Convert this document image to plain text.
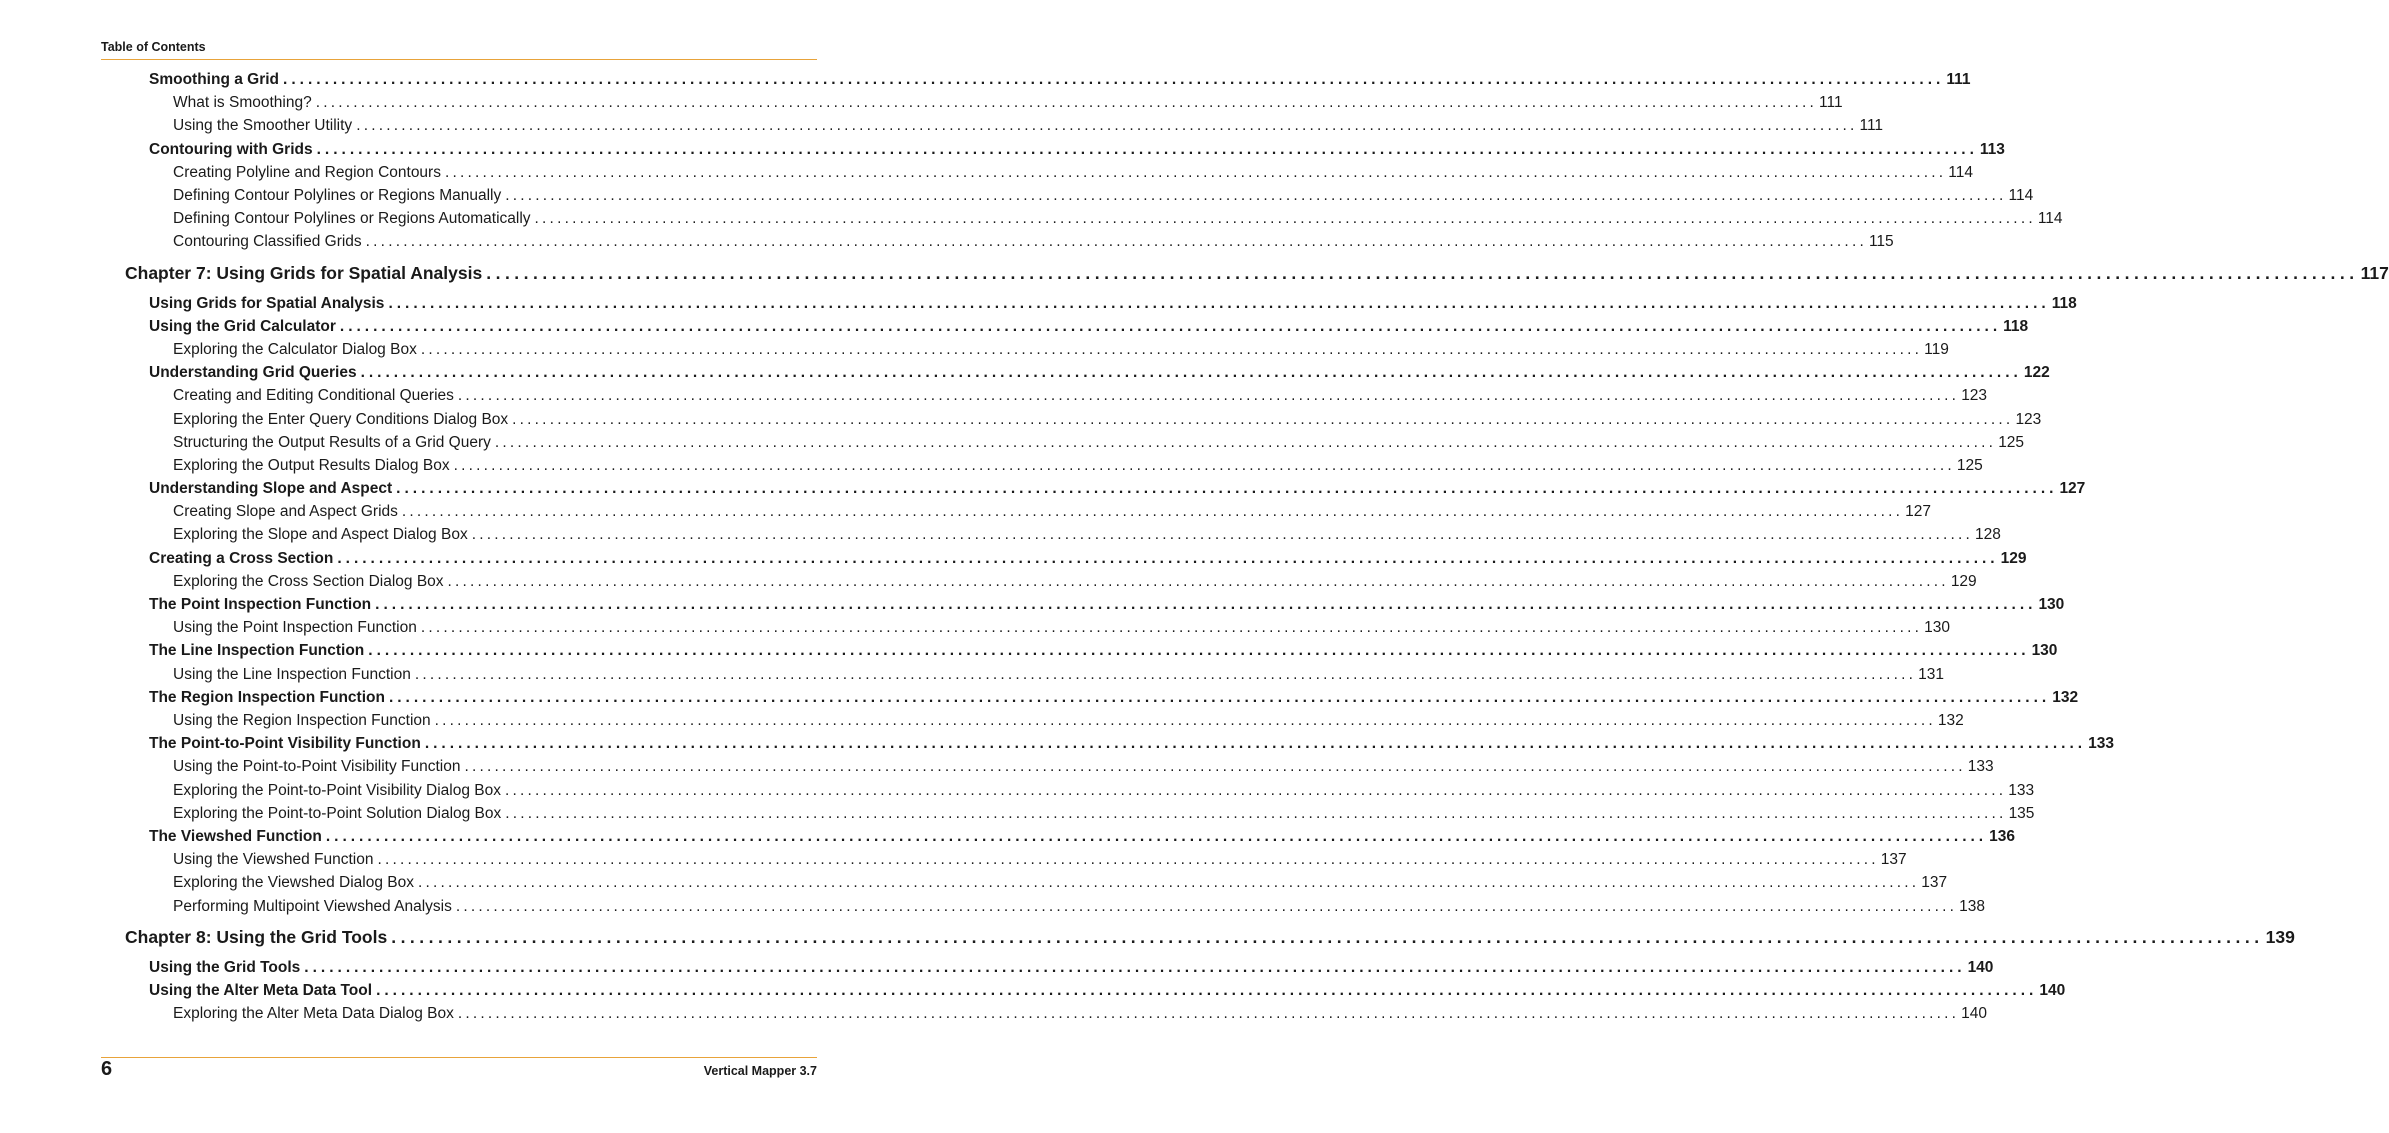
Table of Contents
Smoothing a Grid ........................................................................................................................................................................................................ 111
What is Smoothing? ........................................................................................................................................................................................................ 111
Using the Smoother Utility ........................................................................................................................................................................................................ 111
Contouring with Grids ........................................................................................................................................................................................................ 113
Creating Polyline and Region Contours ........................................................................................................................................................................................................ 114
Defining Contour Polylines or Regions Manually ........................................................................................................................................................................................................ 114
Defining Contour Polylines or Regions Automatically ........................................................................................................................................................................................................ 114
Contouring Classified Grids ........................................................................................................................................................................................................ 115
Chapter 7: Using Grids for Spatial Analysis ........................................................................................................................................................................................................ 117
Using Grids for Spatial Analysis ........................................................................................................................................................................................................ 118
Using the Grid Calculator ........................................................................................................................................................................................................ 118
Exploring the Calculator Dialog Box ........................................................................................................................................................................................................ 119
Understanding Grid Queries ........................................................................................................................................................................................................ 122
Creating and Editing Conditional Queries ........................................................................................................................................................................................................ 123
Exploring the Enter Query Conditions Dialog Box ........................................................................................................................................................................................................ 123
Structuring the Output Results of a Grid Query ........................................................................................................................................................................................................ 125
Exploring the Output Results Dialog Box ........................................................................................................................................................................................................ 125
Understanding Slope and Aspect ........................................................................................................................................................................................................ 127
Creating Slope and Aspect Grids ........................................................................................................................................................................................................ 127
Exploring the Slope and Aspect Dialog Box ........................................................................................................................................................................................................ 128
Creating a Cross Section ........................................................................................................................................................................................................ 129
Exploring the Cross Section Dialog Box ........................................................................................................................................................................................................ 129
The Point Inspection Function ........................................................................................................................................................................................................ 130
Using the Point Inspection Function ........................................................................................................................................................................................................ 130
The Line Inspection Function ........................................................................................................................................................................................................ 130
Using the Line Inspection Function ........................................................................................................................................................................................................ 131
The Region Inspection Function ........................................................................................................................................................................................................ 132
Using the Region Inspection Function ........................................................................................................................................................................................................ 132
The Point-to-Point Visibility Function ........................................................................................................................................................................................................ 133
Using the Point-to-Point Visibility Function ........................................................................................................................................................................................................ 133
Exploring the Point-to-Point Visibility Dialog Box ........................................................................................................................................................................................................ 133
Exploring the Point-to-Point Solution Dialog Box ........................................................................................................................................................................................................ 135
The Viewshed Function ........................................................................................................................................................................................................ 136
Using the Viewshed Function ........................................................................................................................................................................................................ 137
Exploring the Viewshed Dialog Box ........................................................................................................................................................................................................ 137
Performing Multipoint Viewshed Analysis ........................................................................................................................................................................................................ 138
Chapter 8: Using the Grid Tools ........................................................................................................................................................................................................ 139
Using the Grid Tools ........................................................................................................................................................................................................ 140
Using the Alter Meta Data Tool ........................................................................................................................................................................................................ 140
Exploring the Alter Meta Data Dialog Box ........................................................................................................................................................................................................ 140
6	Vertical Mapper 3.7
